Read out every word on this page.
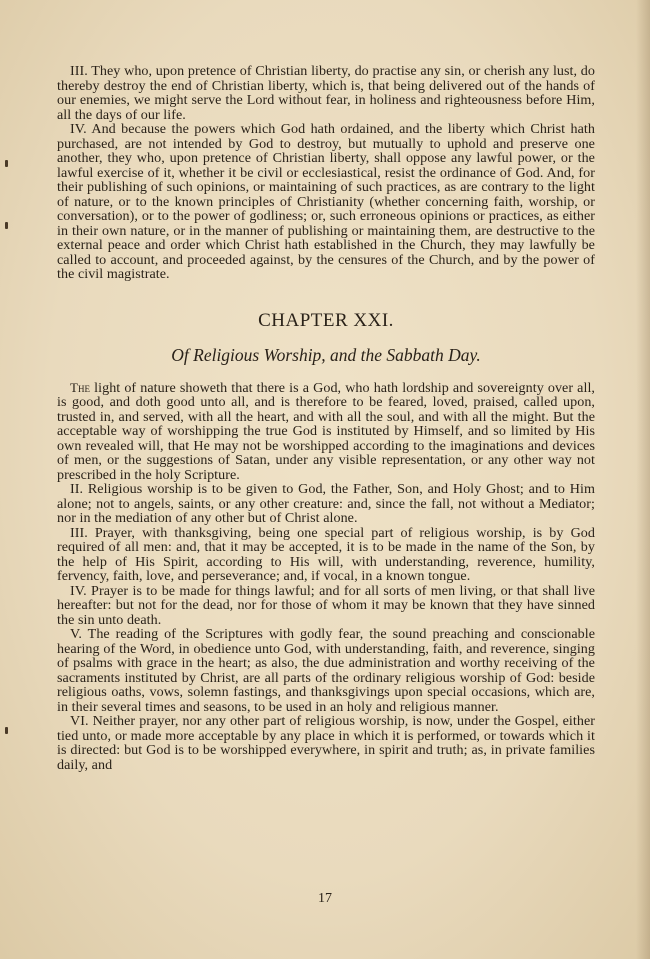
III. They who, upon pretence of Christian liberty, do practise any sin, or cherish any lust, do thereby destroy the end of Christian liberty, which is, that being delivered out of the hands of our enemies, we might serve the Lord without fear, in holiness and righteousness before Him, all the days of our life.

IV. And because the powers which God hath ordained, and the liberty which Christ hath purchased, are not intended by God to destroy, but mutually to uphold and preserve one another, they who, upon pretence of Christian liberty, shall oppose any lawful power, or the lawful exercise of it, whether it be civil or ecclesiastical, resist the ordinance of God. And, for their publishing of such opinions, or maintaining of such practices, as are contrary to the light of nature, or to the known principles of Christianity (whether concerning faith, worship, or conversation), or to the power of godliness; or, such erroneous opinions or practices, as either in their own nature, or in the manner of publishing or maintaining them, are destructive to the external peace and order which Christ hath established in the Church, they may lawfully be called to account, and proceeded against, by the censures of the Church, and by the power of the civil magistrate.

CHAPTER XXI.
Of Religious Worship, and the Sabbath Day.

The light of nature showeth that there is a God, who hath lordship and sovereignty over all, is good, and doth good unto all, and is therefore to be feared, loved, praised, called upon, trusted in, and served, with all the heart, and with all the soul, and with all the might. But the acceptable way of worshipping the true God is instituted by Himself, and so limited by His own revealed will, that He may not be worshipped according to the imaginations and devices of men, or the suggestions of Satan, under any visible representation, or any other way not prescribed in the holy Scripture.

II. Religious worship is to be given to God, the Father, Son, and Holy Ghost; and to Him alone; not to angels, saints, or any other creature: and, since the fall, not without a Mediator; nor in the mediation of any other but of Christ alone.

III. Prayer, with thanksgiving, being one special part of religious worship, is by God required of all men: and, that it may be accepted, it is to be made in the name of the Son, by the help of His Spirit, according to His will, with understanding, reverence, humility, fervency, faith, love, and perseverance; and, if vocal, in a known tongue.

IV. Prayer is to be made for things lawful; and for all sorts of men living, or that shall live hereafter: but not for the dead, nor for those of whom it may be known that they have sinned the sin unto death.

V. The reading of the Scriptures with godly fear, the sound preaching and conscionable hearing of the Word, in obedience unto God, with understanding, faith, and reverence, singing of psalms with grace in the heart; as also, the due administration and worthy receiving of the sacraments instituted by Christ, are all parts of the ordinary religious worship of God: beside religious oaths, vows, solemn fastings, and thanksgivings upon special occasions, which are, in their several times and seasons, to be used in an holy and religious manner.

VI. Neither prayer, nor any other part of religious worship, is now, under the Gospel, either tied unto, or made more acceptable by any place in which it is performed, or towards which it is directed: but God is to be worshipped everywhere, in spirit and truth; as, in private families daily, and

17
